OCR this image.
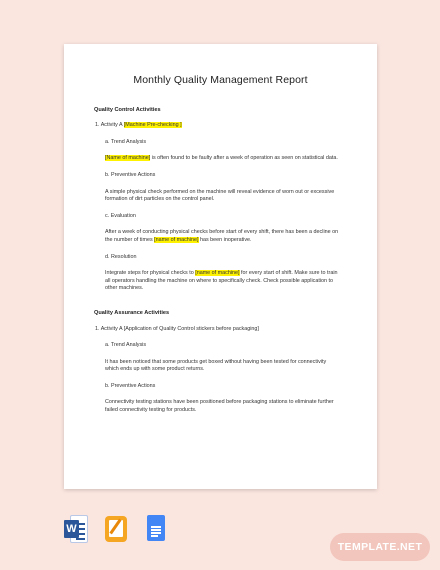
Monthly Quality Management Report
Quality Control Activities
1. Activity A [Machine Pre-checking ]
a. Trend Analysis
[Name of machine] is often found to be faulty after a week of operation as seen on statistical data.
b. Preventive Actions
A simple physical check performed on the machine will reveal evidence of worn out or excessive formation of dirt particles on the control panel.
c. Evaluation
After a week of conducting physical checks before start of every shift, there has been a decline on the number of times [name of machine] has been inoperative.
d. Resolution
Integrate steps for physical checks to [name of machine] for every start of shift. Make sure to train all operators handling the machine on where to specifically check. Check possible application to other machines.
Quality Assurance Activities
1. Activity A [Application of Quality Control stickers before packaging]
a. Trend Analysis
It has been noticed that some products get boxed without having been tested for connectivity which ends up with some product returns.
b. Preventive Actions
Connectivity testing stations have been positioned before packaging stations to eliminate further failed connectivity testing for products.
W
TEMPLATE.NET
